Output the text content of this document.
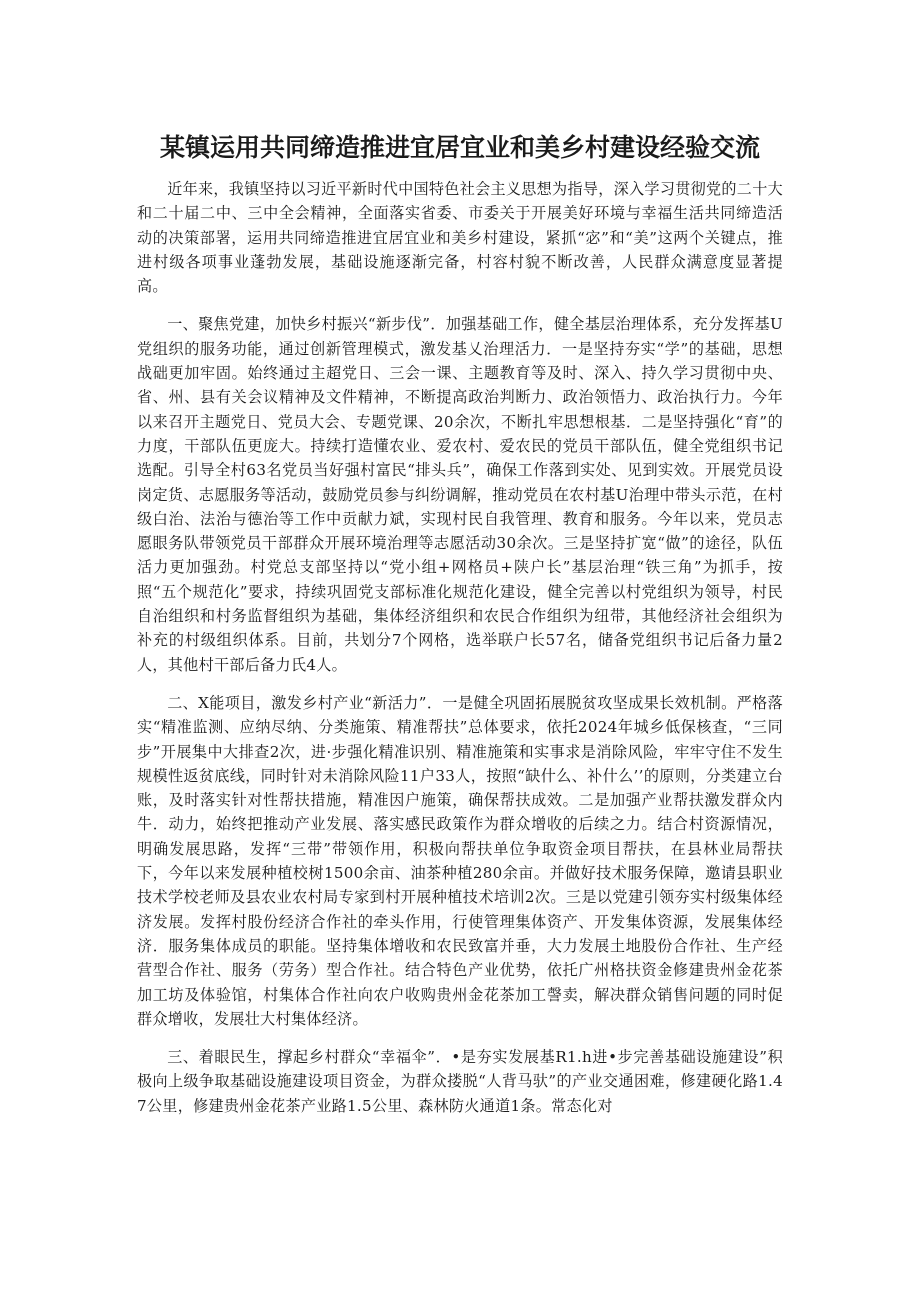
某镇运用共同缔造推进宜居宜业和美乡村建设经验交流

近年来，我镇坚持以习近平新时代中国特色社会主义思想为指导，深入学习贯彻党的二十大和二十届二中、三中全会精神，全面落实省委、市委关于开展美好环境与幸福生活共同缔造活动的决策部署，运用共同缔造推进宜居宜业和美乡村建设，紧抓“宓”和“美”这两个关键点，推进村级各项事业蓬勃发展，基础设施逐渐完备，村容村貌不断改善，人民群众满意度显著提高。

一、聚焦党建，加快乡村振兴“新步伐”．加强基础工作，健全基层治理体系，充分发挥基U党组织的服务功能，通过创新管理模式，激发基乂治理活力．一是坚持夯实“学”的基础，思想战础更加牢固。始终通过主超党日、三会一课、主题教育等及时、深入、持久学习贯彻中央、省、州、县有关会议精神及文件精神，不断提高政治判断力、政治领悟力、政治执行力。今年以来召开主题党日、党员大会、专题党课、20余次，不断扎牢思想根基．二是坚持强化“育”的力度，干部队伍更庞大。持续打造懂农业、爱农村、爱农民的党员干部队伍，健全党组织书记选配。引导全村63名党员当好强村富民“排头兵”，确保工作落到实处、见到实效。开展党员设岗定货、志愿服务等活动，鼓励党员参与纠纷调解，推动党员在农村基U治理中带头示范，在村级白治、法治与德治等工作中贡献力斌，实现村民自我管理、教育和服务。今年以来，党员志愿眼务队带领党员干部群众开展环境治理等志愿活动30余次。三是坚持扩宽“做”的途径，队伍活力更加强劲。村党总支部坚持以“党小组+网格员+陕户长”基层治理“铁三角”为抓手，按照“五个规范化”要求，持续巩固党支部标准化规范化建设，健全完善以村党组织为领导，村民自治组织和村务监督组织为基础，集体经济组织和农民合作组织为纽带，其他经济社会组织为补充的村级组织体系。目前，共划分7个网格，选举联户长57名，储备党组织书记后备力量2人，其他村干部后备力氏4人。

二、X能项目，激发乡村产业“新活力”．一是健全巩固拓展脱贫攻坚成果长效机制。严格落实“精准监测、应纳尽纳、分类施策、精准帮扶”总体要求，依托2024年城乡低保核查，“三同步”开展集中大排查2次，进·步强化精准识别、精准施策和实事求是消除风险，牢牢守住不发生规模性返贫底线，同时针对未消除风险11户33人，按照“缺什么、补什么’’的原则，分类建立台账，及时落实针对性帮扶措施，精准因户施策，确保帮扶成效。二是加强产业帮扶激发群众内牛．动力，始终把推动产业发展、落实感民政策作为群众增收的后续之力。结合村资源情况，明确发展思路，发挥“三带”带领作用，积极向帮扶单位争取资金项目帮扶，在县林业局帮扶下，今年以来发展种植校树1500余亩、油茶种植280余亩。并做好技术服务保障，邀请县职业技术学校老师及县农业农村局专家到村开展种植技术培训2次。三是以党建引领夯实村级集体经济发展。发挥村股份经济合作社的牵头作用，行使管理集体资产、开发集体资源，发展集体经济．服务集体成员的职能。坚持集体增收和农民致富并垂，大力发展土地股份合作社、生产经营型合作社、服务（劳务）型合作社。结合特色产业优势，依托广州格扶资金修建贵州金花茶加工坊及体验馆，村集体合作社向农户收购贵州金花茶加工謦卖，解决群众销售问题的同时促群众增收，发展壮大村集体经济。

三、着眼民生，撑起乡村群众“幸福伞”．•是夯实发展基R1.h进•步完善基础设施建设”积极向上级争取基础设施建设项目资金，为群众搂脱“人背马驮”的产业交通困难，修建硬化路1.47公里，修建贵州金花茶产业路1.5公里、森林防火通道1条。常态化对
